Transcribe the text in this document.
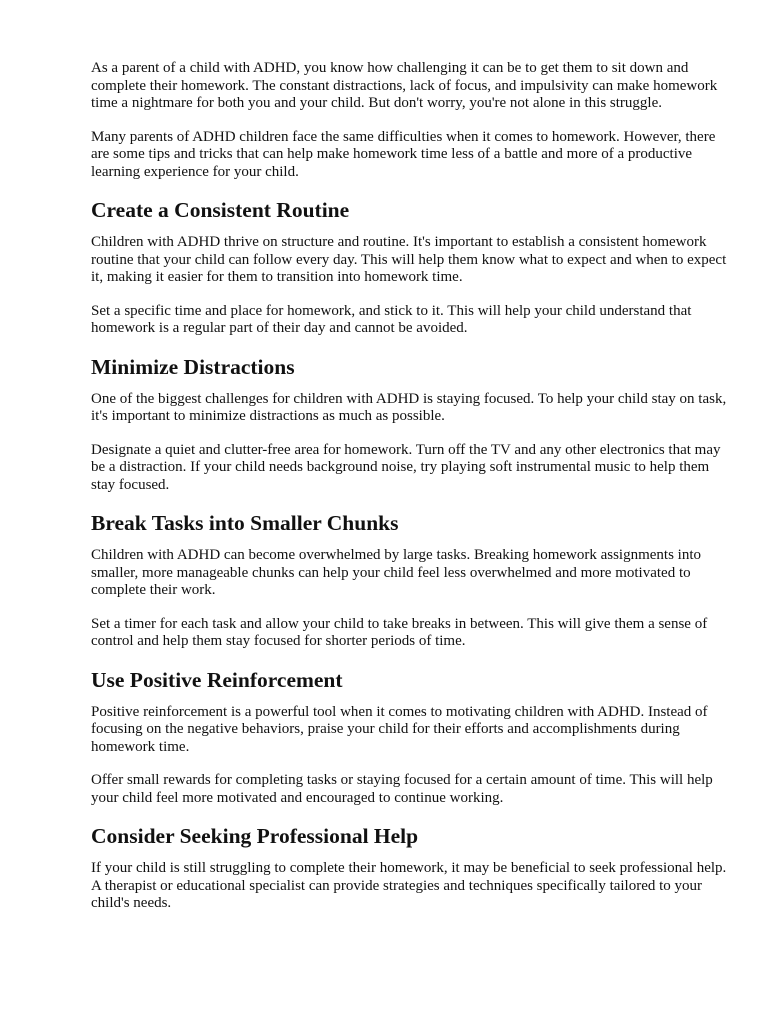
As a parent of a child with ADHD, you know how challenging it can be to get them to sit down and complete their homework. The constant distractions, lack of focus, and impulsivity can make homework time a nightmare for both you and your child. But don't worry, you're not alone in this struggle.

Many parents of ADHD children face the same difficulties when it comes to homework. However, there are some tips and tricks that can help make homework time less of a battle and more of a productive learning experience for your child.

Create a Consistent Routine

Children with ADHD thrive on structure and routine. It's important to establish a consistent homework routine that your child can follow every day. This will help them know what to expect and when to expect it, making it easier for them to transition into homework time.

Set a specific time and place for homework, and stick to it. This will help your child understand that homework is a regular part of their day and cannot be avoided.

Minimize Distractions

One of the biggest challenges for children with ADHD is staying focused. To help your child stay on task, it's important to minimize distractions as much as possible.

Designate a quiet and clutter-free area for homework. Turn off the TV and any other electronics that may be a distraction. If your child needs background noise, try playing soft instrumental music to help them stay focused.

Break Tasks into Smaller Chunks

Children with ADHD can become overwhelmed by large tasks. Breaking homework assignments into smaller, more manageable chunks can help your child feel less overwhelmed and more motivated to complete their work.

Set a timer for each task and allow your child to take breaks in between. This will give them a sense of control and help them stay focused for shorter periods of time.

Use Positive Reinforcement

Positive reinforcement is a powerful tool when it comes to motivating children with ADHD. Instead of focusing on the negative behaviors, praise your child for their efforts and accomplishments during homework time.

Offer small rewards for completing tasks or staying focused for a certain amount of time. This will help your child feel more motivated and encouraged to continue working.

Consider Seeking Professional Help

If your child is still struggling to complete their homework, it may be beneficial to seek professional help. A therapist or educational specialist can provide strategies and techniques specifically tailored to your child's needs.
